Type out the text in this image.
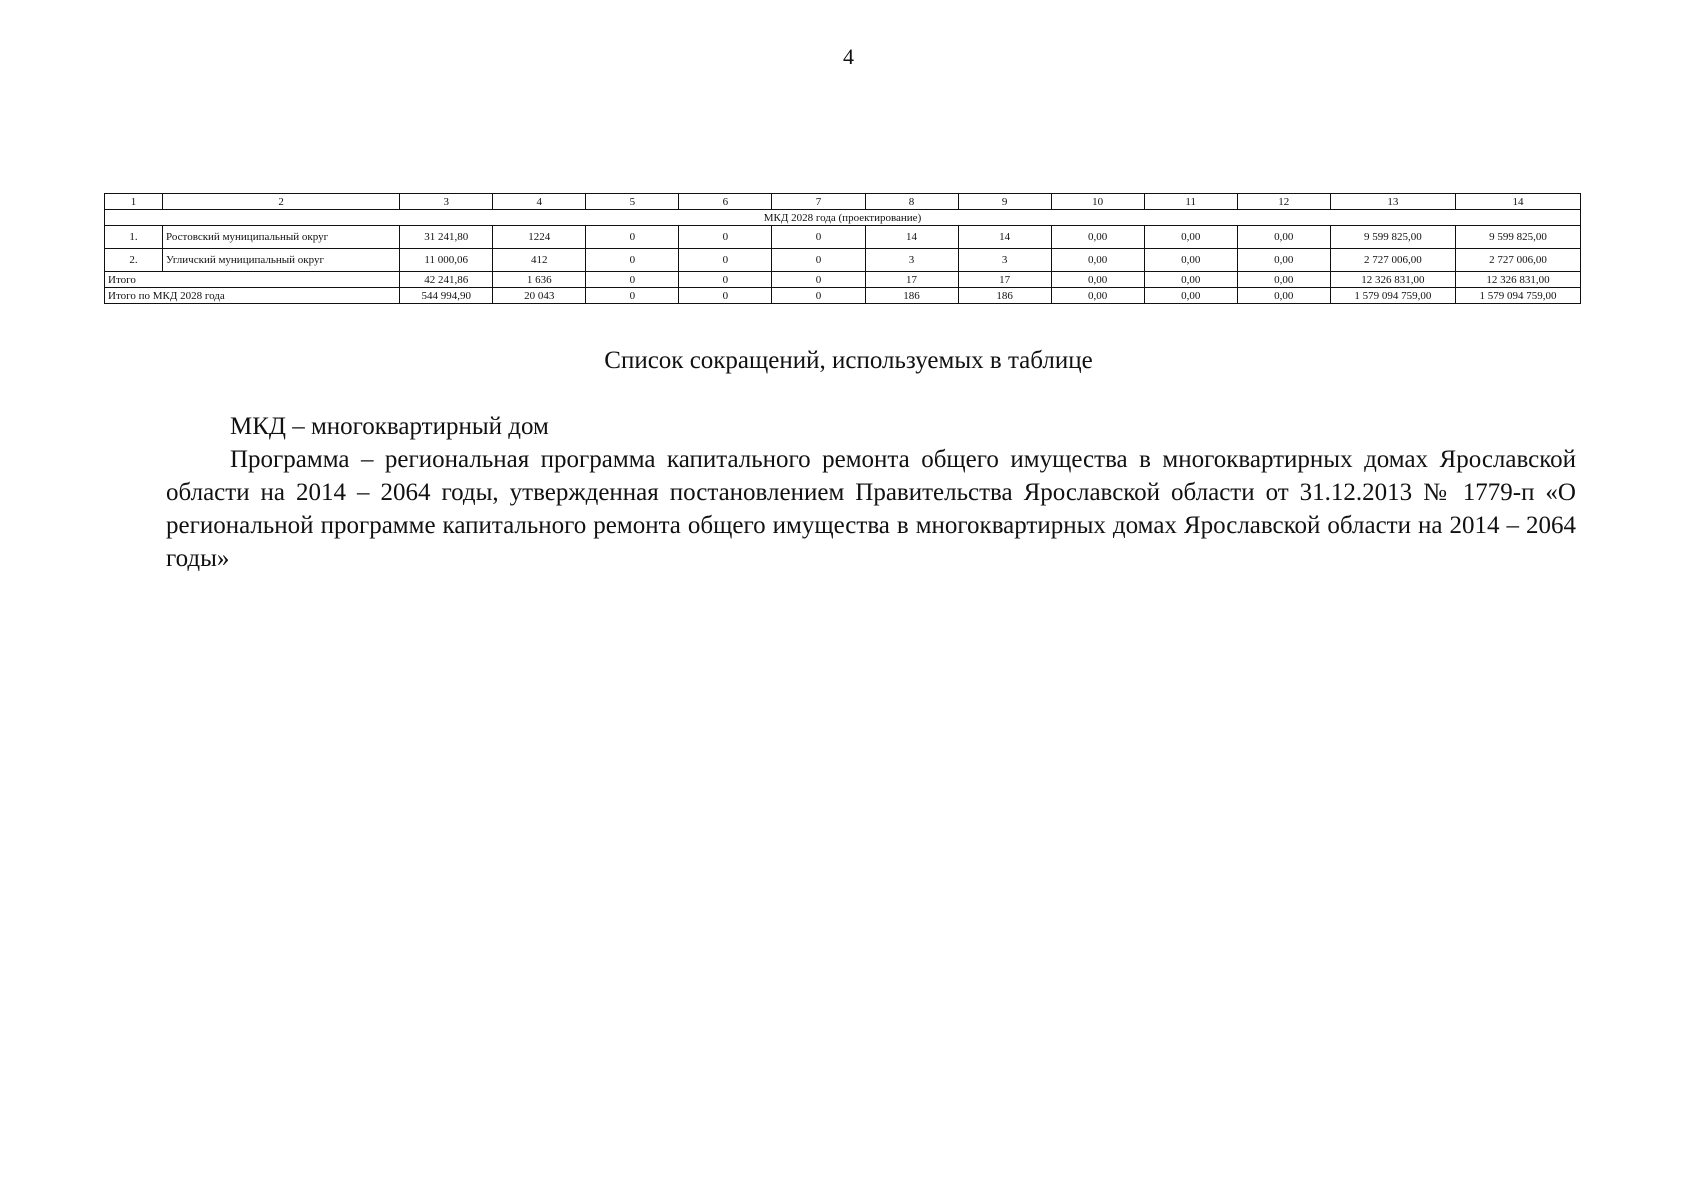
4
1	2	3	4	5	6	7	8	9	10	11	12	13	14
МКД 2028 года (проектирование)													
1.	Ростовский муниципальный округ	31 241,80	1224	0	0	0	14	14	0,00	0,00	0,00	9 599 825,00	9 599 825,00
2.	Угличский муниципальный округ	11 000,06	412	0	0	0	3	3	0,00	0,00	0,00	2 727 006,00	2 727 006,00
Итого		42 241,86	1 636	0	0	0	17	17	0,00	0,00	0,00	12 326 831,00	12 326 831,00
Итого по МКД 2028 года		544 994,90	20 043	0	0	0	186	186	0,00	0,00	0,00	1 579 094 759,00	1 579 094 759,00
Список сокращений, используемых в таблице

МКД – многоквартирный дом

Программа – региональная программа капитального ремонта общего имущества в многоквартирных домах Ярославской области на 2014 – 2064 годы, утвержденная постановлением Правительства Ярославской области от 31.12.2013 № 1779-п «О региональной программе капитального ремонта общего имущества в многоквартирных домах Ярославской области на 2014 – 2064 годы»
